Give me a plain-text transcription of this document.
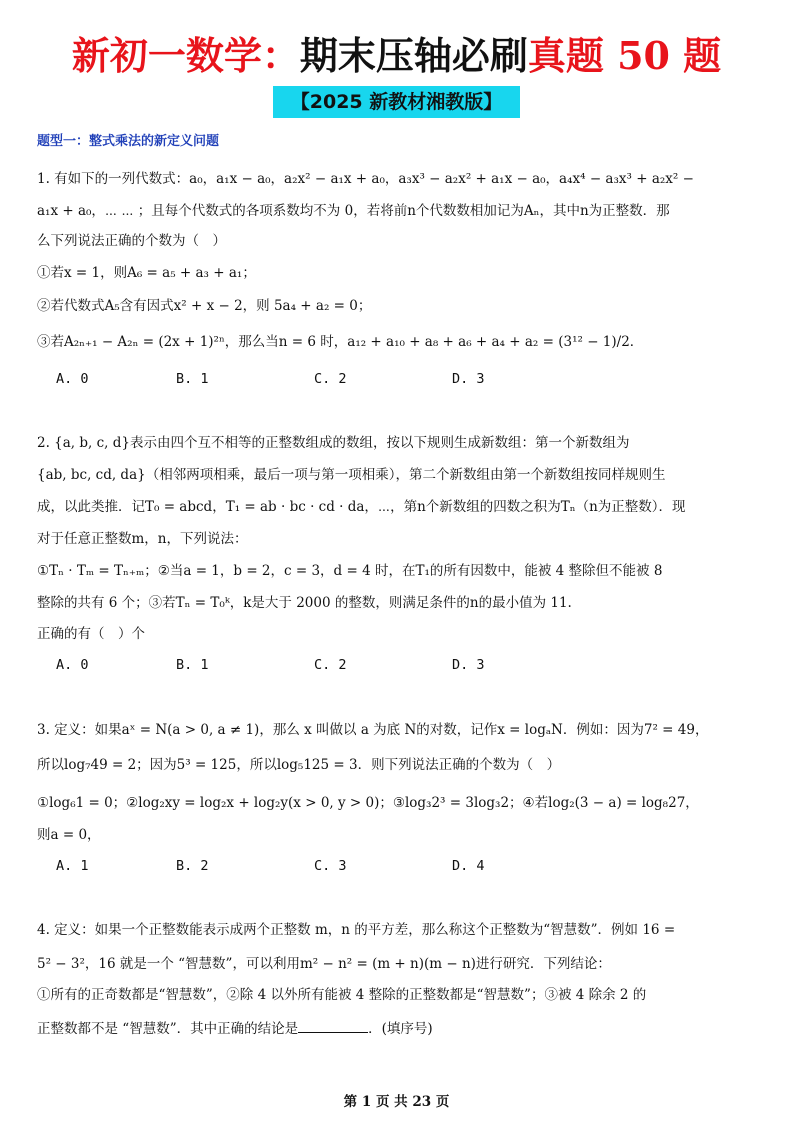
新初一数学：期末压轴必刷真题 50 题
【2025 新教材湘教版】
题型一：整式乘法的新定义问题
1. 有如下的一列代数式：a₀，a₁x − a₀，a₂x² − a₁x + a₀，a₃x³ − a₂x² + a₁x − a₀，a₄x⁴ − a₃x³ + a₂x² −
a₁x + a₀，⋯ ⋯ ；且每个代数式的各项系数均不为 0，若将前n个代数数相加记为Aₙ，其中n为正整数．那
么下列说法正确的个数为（　）
①若x = 1，则A₆ = a₅ + a₃ + a₁；
②若代数式A₅含有因式x² + x − 2，则 5a₄ + a₂ = 0；
③若A₂ₙ₊₁ − A₂ₙ = (2x + 1)²ⁿ，那么当n = 6 时，a₁₂ + a₁₀ + a₈ + a₆ + a₄ + a₂ = (3¹² − 1)/2．
A. 0	B. 1	C. 2	D. 3
2. {a, b, c, d}表示由四个互不相等的正整数组成的数组，按以下规则生成新数组：第一个新数组为
{ab, bc, cd, da}（相邻两项相乘，最后一项与第一项相乘），第二个新数组由第一个新数组按同样规则生
成，以此类推．记T₀ = abcd，T₁ = ab · bc · cd · da，⋯，第n个新数组的四数之积为Tₙ（n为正整数）．现
对于任意正整数m，n，下列说法：
①Tₙ · Tₘ = Tₙ₊ₘ；②当a = 1，b = 2，c = 3，d = 4 时，在T₁的所有因数中，能被 4 整除但不能被 8
整除的共有 6 个；③若Tₙ = T₀ᵏ，k是大于 2000 的整数，则满足条件的n的最小值为 11.
正确的有（　）个
A. 0	B. 1	C. 2	D. 3
3. 定义：如果aˣ = N(a > 0, a ≠ 1)，那么 x 叫做以 a 为底 N的对数，记作x = logₐN．例如：因为7² = 49，
所以log₇49 = 2；因为5³ = 125，所以log₅125 = 3．则下列说法正确的个数为（　）
①log₆1 = 0；②log₂xy = log₂x + log₂y(x > 0, y > 0)；③log₃2³ = 3log₃2；④若log₂(3 − a) = log₈27，
则a = 0，
A. 1	B. 2	C. 3	D. 4
4. 定义：如果一个正整数能表示成两个正整数 m，n 的平方差，那么称这个正整数为“智慧数”．例如 16 =
5² − 3²，16 就是一个 “智慧数”，可以利用m² − n² = (m + n)(m − n)进行研究．下列结论：
①所有的正奇数都是“智慧数”，②除 4 以外所有能被 4 整除的正整数都是“智慧数”；③被 4 除余 2 的
正整数都不是 “智慧数”．其中正确的结论是	．(填序号)
第 1 页 共 23 页
